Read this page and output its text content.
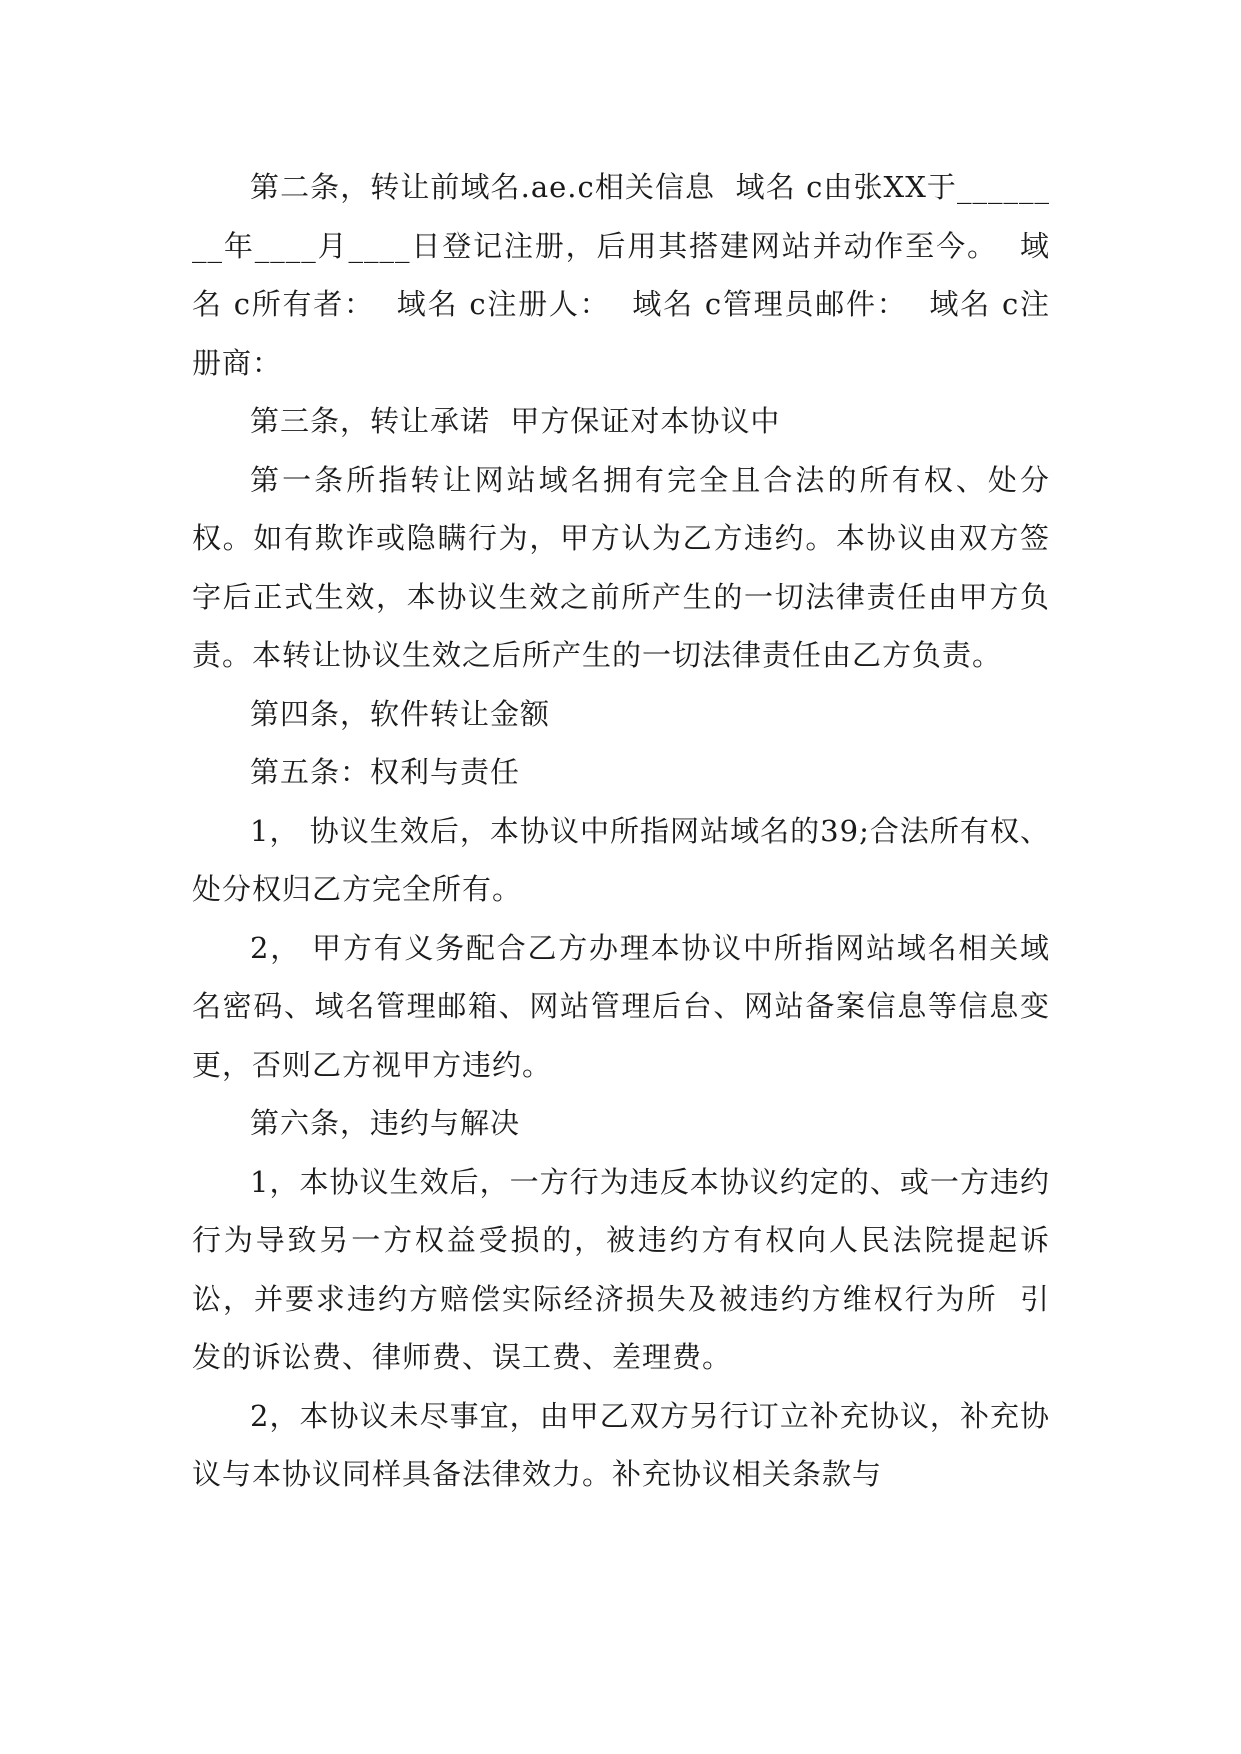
第二条，转让前域名.ae.c相关信息  域名 c由张XX于________年____月____日登记注册，后用其搭建网站并动作至今。  域名 c所有者：  域名 c注册人：  域名 c管理员邮件：  域名 c注册商：

第三条，转让承诺  甲方保证对本协议中

第一条所指转让网站域名拥有完全且合法的所有权、处分权。如有欺诈或隐瞒行为，甲方认为乙方违约。本协议由双方签字后正式生效，本协议生效之前所产生的一切法律责任由甲方负责。本转让协议生效之后所产生的一切法律责任由乙方负责。

第四条，软件转让金额

第五条：权利与责任

1， 协议生效后，本协议中所指网站域名的39;合法所有权、处分权归乙方完全所有。

2， 甲方有义务配合乙方办理本协议中所指网站域名相关域名密码、域名管理邮箱、网站管理后台、网站备案信息等信息变更，否则乙方视甲方违约。

第六条，违约与解决

1，本协议生效后，一方行为违反本协议约定的、或一方违约行为导致另一方权益受损的，被违约方有权向人民法院提起诉讼，并要求违约方赔偿实际经济损失及被违约方维权行为所  引发的诉讼费、律师费、误工费、差理费。

2，本协议未尽事宜，由甲乙双方另行订立补充协议，补充协议与本协议同样具备法律效力。补充协议相关条款与
